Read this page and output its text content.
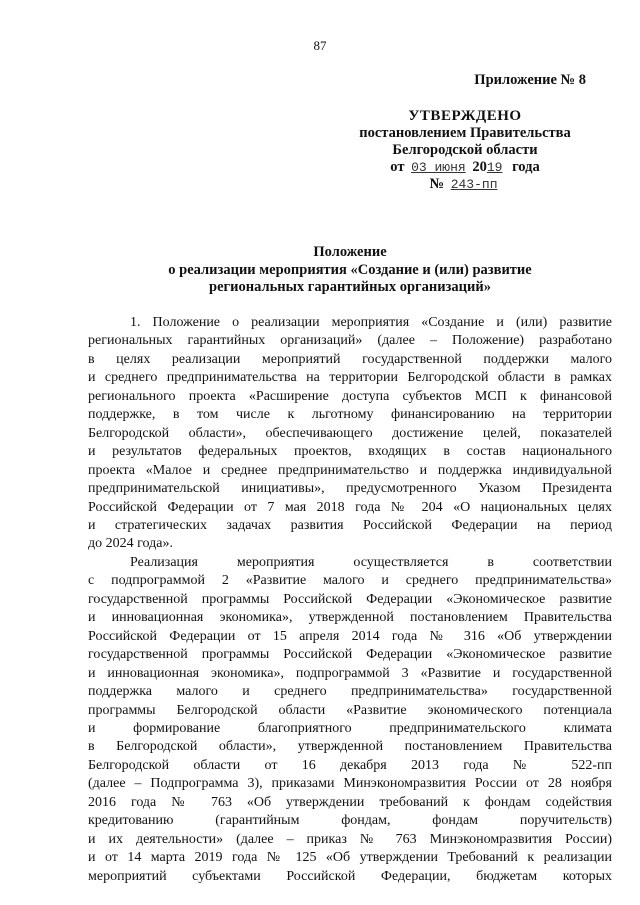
87
Приложение № 8
УТВЕРЖДЕНО
постановлением Правительства
Белгородской области
от 03 июня 2019 года
№ 243-пп
Положение
о реализации мероприятия «Создание и (или) развитие
региональных гарантийных организаций»
1. Положение о реализации мероприятия «Создание и (или) развитие
региональных гарантийных организаций» (далее – Положение) разработано
в целях реализации мероприятий государственной поддержки малого
и среднего предпринимательства на территории Белгородской области в рамках
регионального проекта «Расширение доступа субъектов МСП к финансовой
поддержке, в том числе к льготному финансированию на территории
Белгородской области», обеспечивающего достижение целей, показателей
и результатов федеральных проектов, входящих в состав национального
проекта «Малое и среднее предпринимательство и поддержка индивидуальной
предпринимательской инициативы», предусмотренного Указом Президента
Российской Федерации от 7 мая 2018 года № 204 «О национальных целях
и стратегических задачах развития Российской Федерации на период
до 2024 года».
Реализация мероприятия осуществляется в соответствии
с подпрограммой 2 «Развитие малого и среднего предпринимательства»
государственной программы Российской Федерации «Экономическое развитие
и инновационная экономика», утвержденной постановлением Правительства
Российской Федерации от 15 апреля 2014 года № 316 «Об утверждении
государственной программы Российской Федерации «Экономическое развитие
и инновационная экономика», подпрограммой 3 «Развитие и государственной
поддержка малого и среднего предпринимательства» государственной
программы Белгородской области «Развитие экономического потенциала
и формирование благоприятного предпринимательского климата
в Белгородской области», утвержденной постановлением Правительства
Белгородской области от 16 декабря 2013 года № 522-пп
(далее – Подпрограмма 3), приказами Минэкономразвития России от 28 ноября
2016 года № 763 «Об утверждении требований к фондам содействия
кредитованию (гарантийным фондам, фондам поручительств)
и их деятельности» (далее – приказ № 763 Минэкономразвития России)
и от 14 марта 2019 года № 125 «Об утверждении Требований к реализации
мероприятий субъектами Российской Федерации, бюджетам которых
